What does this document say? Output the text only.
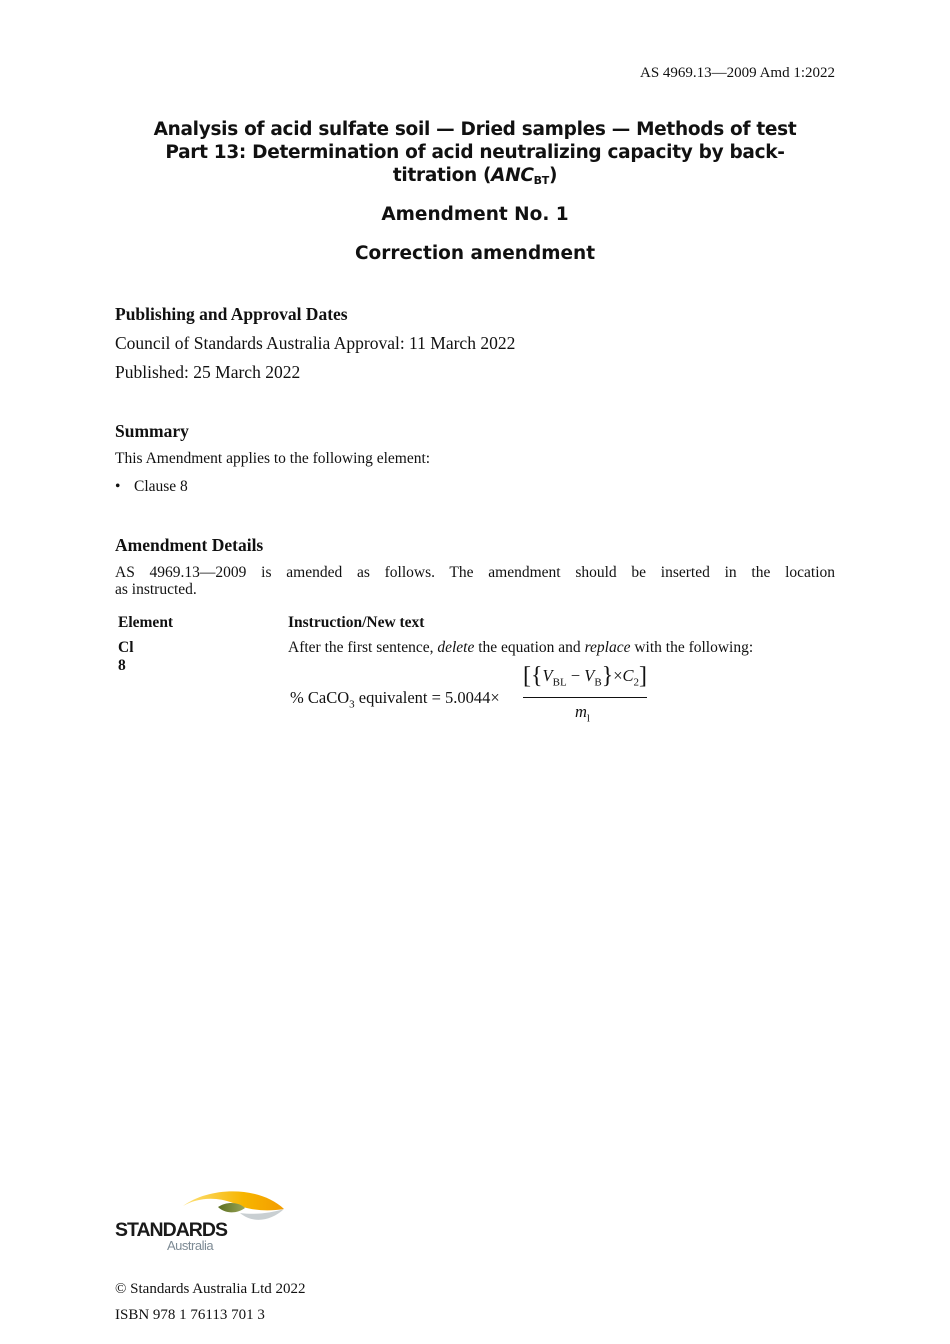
AS 4969.13—2009 Amd 1:2022
Analysis of acid sulfate soil — Dried samples — Methods of test
Part 13: Determination of acid neutralizing capacity by back-
titration $(ANC_{BT})$
Amendment No. 1
Correction amendment
Publishing and Approval Dates
Council of Standards Australia Approval: 11 March 2022
Published: 25 March 2022
Summary
This Amendment applies to the following element:
• Clause 8
Amendment Details
AS 4969.13—2009 is amended as follows. The amendment should be inserted in the location
as instructed.
Element	Instruction/New text
Cl 8
After the first sentence, delete the equation and replace with the following:
% CaCO$_3$ equivalent = 5.0044×
$[\{V_{BL} - V_B\}\times C_2]$
$m_l$
STANDARDS
Australia
© Standards Australia Ltd 2022
ISBN 978 1 76113 701 3
